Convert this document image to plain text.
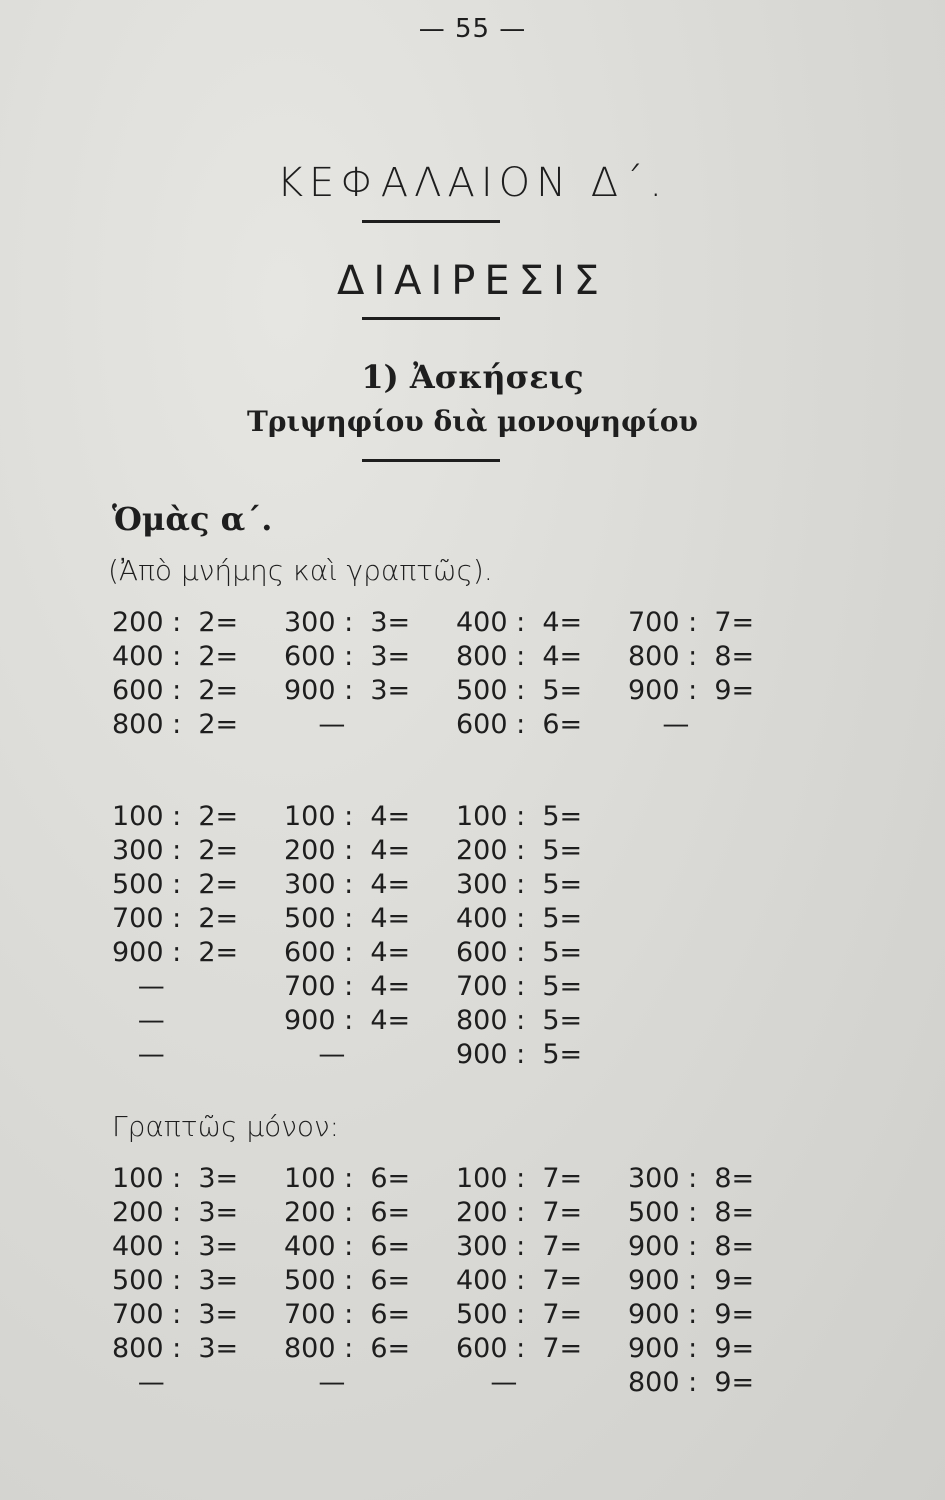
— 55 —
ΚΕΦΑΛΑΙΟΝ Δ΄.
ΔΙΑΙΡΕΣΙΣ
1) Ἀσκήσεις
Τριψηφίου διὰ μονοψηφίου
Ὁμὰς α΄.
(Ἀπὸ μνήμης καὶ γραπτῶς).
200 :  2=	300 :  3=	400 :  4=	700 :  7=
400 :  2=	600 :  3=	800 :  4=	800 :  8=
600 :  2=	900 :  3=	500 :  5=	900 :  9=
800 :  2=	—	600 :  6=	—
100 :  2=	100 :  4=	100 :  5=
300 :  2=	200 :  4=	200 :  5=
500 :  2=	300 :  4=	300 :  5=
700 :  2=	500 :  4=	400 :  5=
900 :  2=	600 :  4=	600 :  5=
—	700 :  4=	700 :  5=
—	900 :  4=	800 :  5=
—	—	900 :  5=
Γραπτῶς μόνον:
100 :  3=	100 :  6=	100 :  7=	300 :  8=
200 :  3=	200 :  6=	200 :  7=	500 :  8=
400 :  3=	400 :  6=	300 :  7=	900 :  8=
500 :  3=	500 :  6=	400 :  7=	900 :  9=
700 :  3=	700 :  6=	500 :  7=	900 :  9=
800 :  3=	800 :  6=	600 :  7=	900 :  9=
—	—	—	800 :  9=
